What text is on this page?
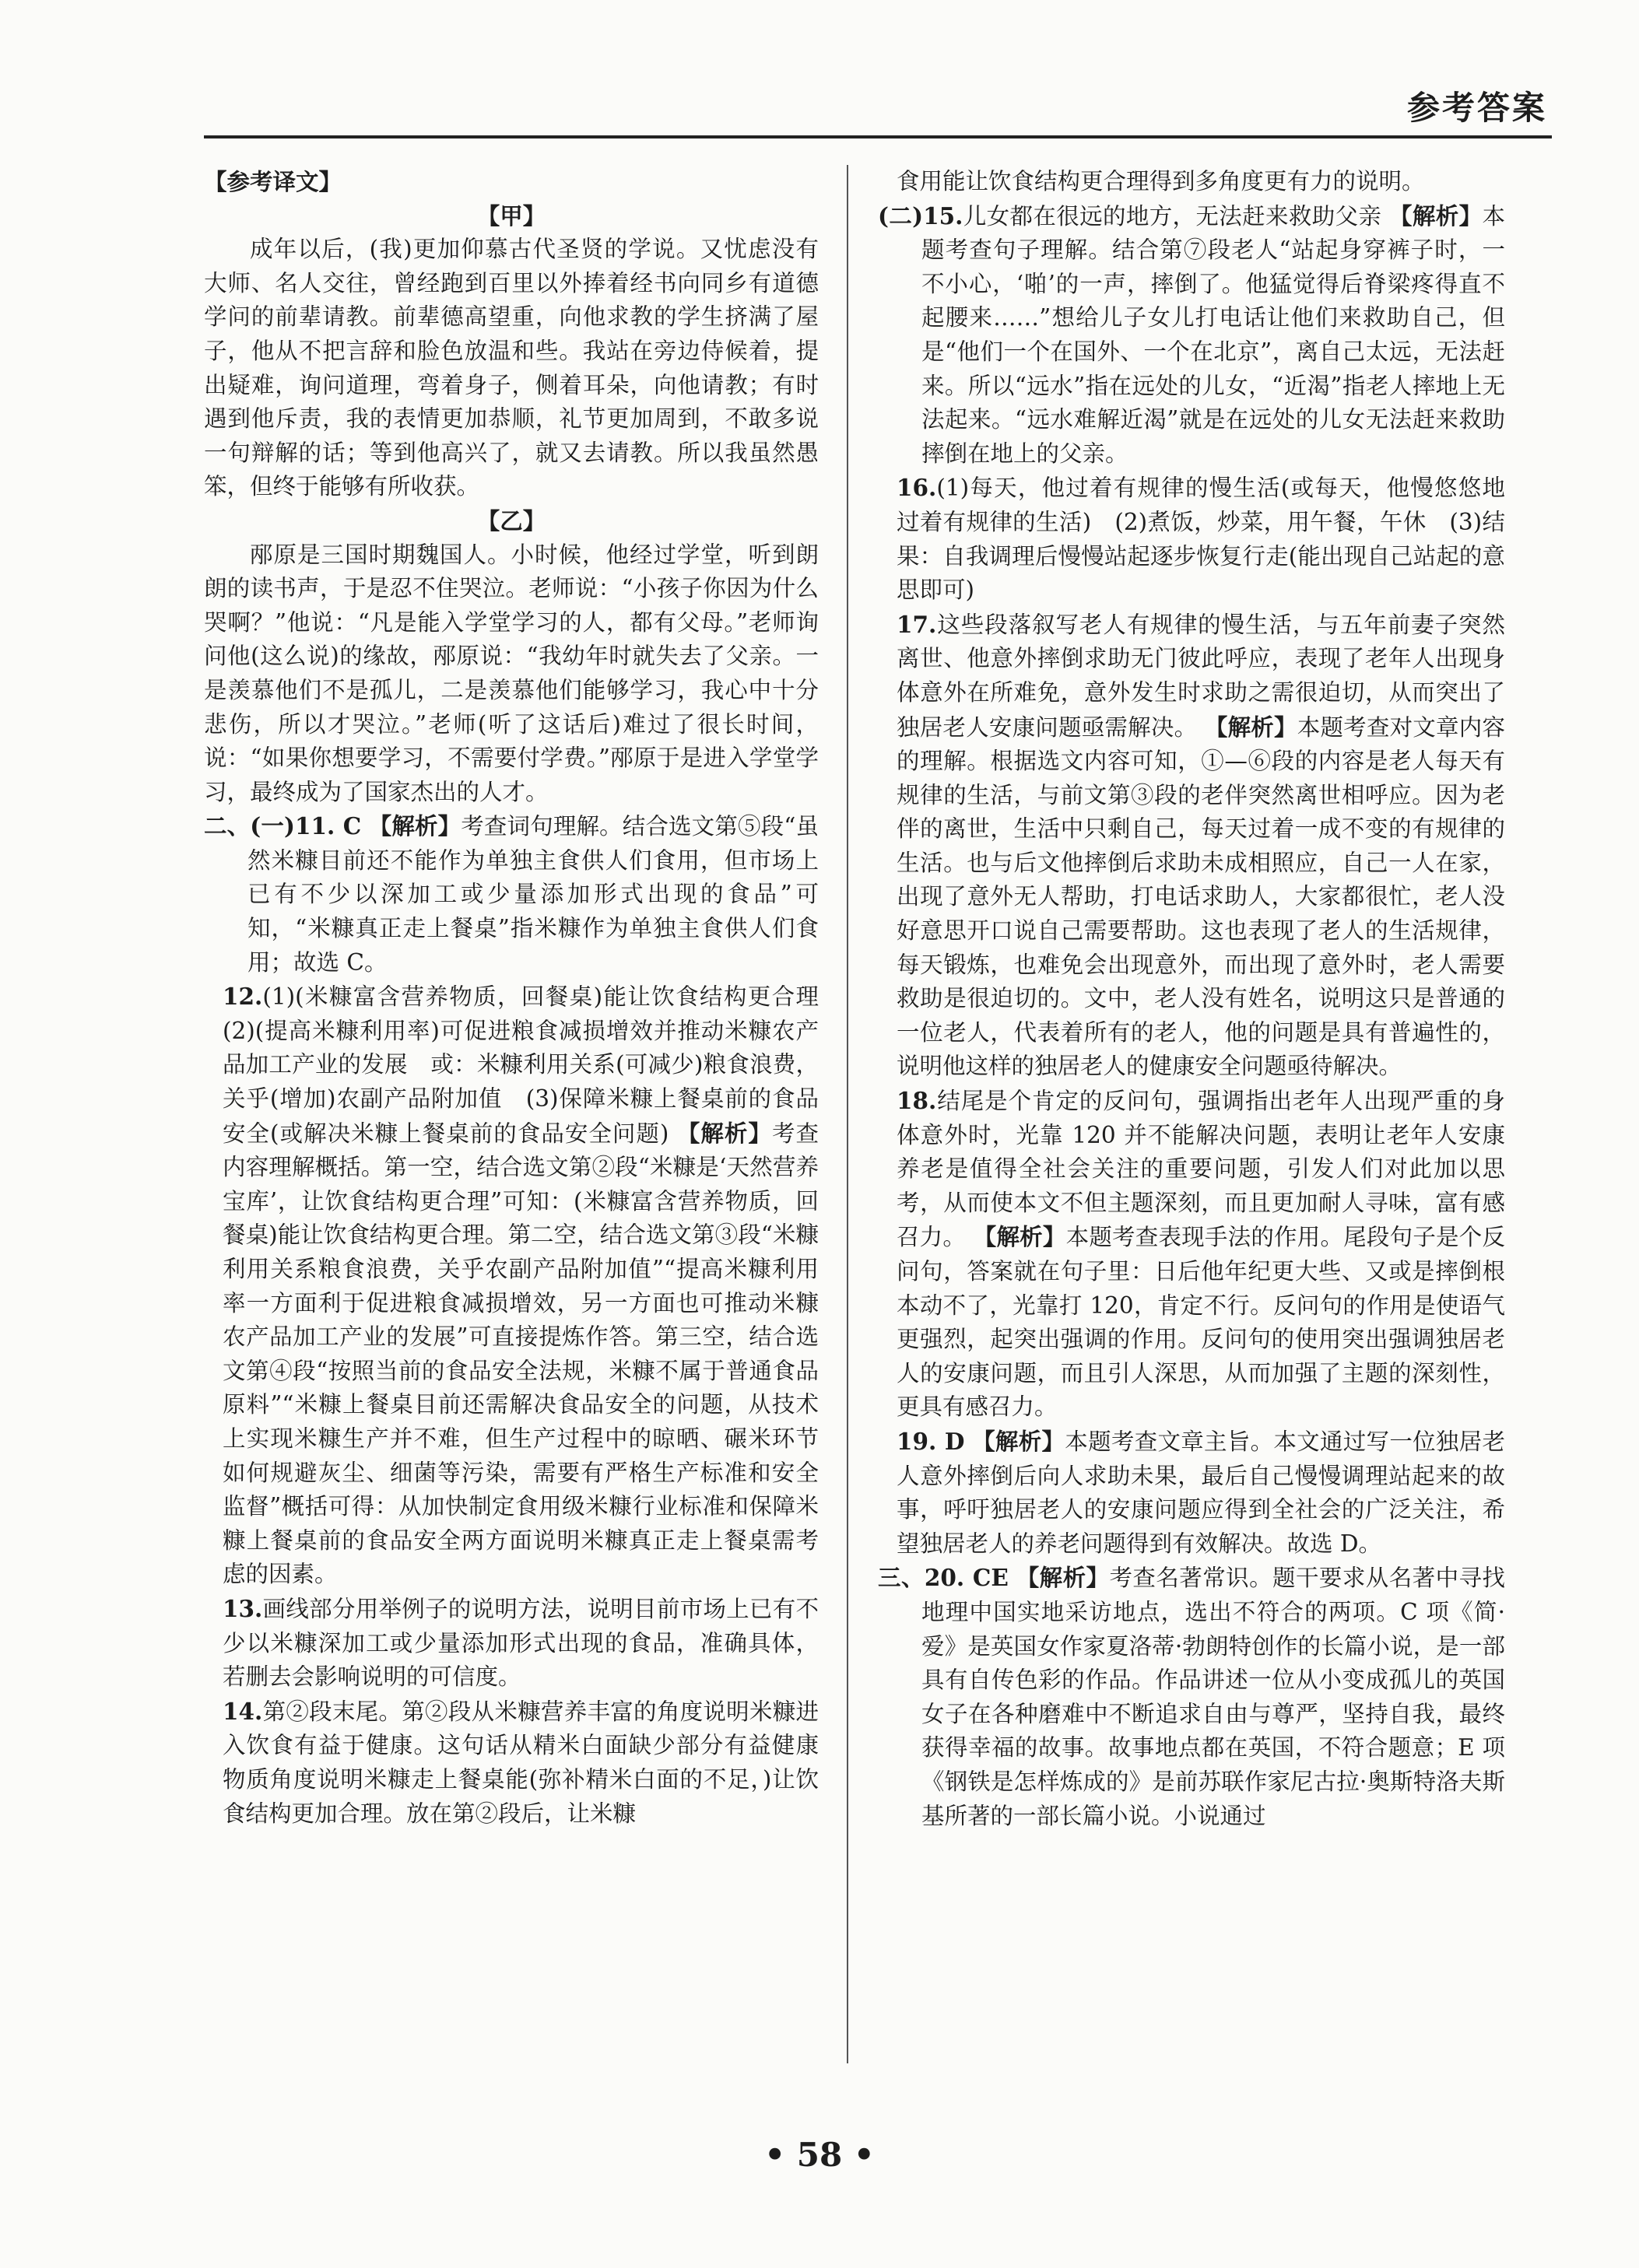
参考答案

【参考译文】

【甲】

成年以后，(我)更加仰慕古代圣贤的学说。又忧虑没有大师、名人交往，曾经跑到百里以外捧着经书向同乡有道德学问的前辈请教。前辈德高望重，向他求教的学生挤满了屋子，他从不把言辞和脸色放温和些。我站在旁边侍候着，提出疑难，询问道理，弯着身子，侧着耳朵，向他请教；有时遇到他斥责，我的表情更加恭顺，礼节更加周到，不敢多说一句辩解的话；等到他高兴了，就又去请教。所以我虽然愚笨，但终于能够有所收获。

【乙】

邴原是三国时期魏国人。小时候，他经过学堂，听到朗朗的读书声，于是忍不住哭泣。老师说：“小孩子你因为什么哭啊？”他说：“凡是能入学堂学习的人，都有父母。”老师询问他(这么说)的缘故，邴原说：“我幼年时就失去了父亲。一是羡慕他们不是孤儿，二是羡慕他们能够学习，我心中十分悲伤，所以才哭泣。”老师(听了这话后)难过了很长时间，说：“如果你想要学习，不需要付学费。”邴原于是进入学堂学习，最终成为了国家杰出的人才。

二、(一)11. C 【解析】考查词句理解。结合选文第⑤段“虽然米糠目前还不能作为单独主食供人们食用，但市场上已有不少以深加工或少量添加形式出现的食品”可知，“米糠真正走上餐桌”指米糠作为单独主食供人们食用；故选 C。

12.(1)(米糠富含营养物质，回餐桌)能让饮食结构更合理　(2)(提高米糠利用率)可促进粮食减损增效并推动米糠农产品加工产业的发展　或：米糠利用关系(可减少)粮食浪费，关乎(增加)农副产品附加值　(3)保障米糠上餐桌前的食品安全(或解决米糠上餐桌前的食品安全问题) 【解析】考查内容理解概括。第一空，结合选文第②段“米糠是‘天然营养宝库’，让饮食结构更合理”可知：(米糠富含营养物质，回餐桌)能让饮食结构更合理。第二空，结合选文第③段“米糠利用关系粮食浪费，关乎农副产品附加值”“提高米糠利用率一方面利于促进粮食减损增效，另一方面也可推动米糠农产品加工产业的发展”可直接提炼作答。第三空，结合选文第④段“按照当前的食品安全法规，米糠不属于普通食品原料”“米糠上餐桌目前还需解决食品安全的问题，从技术上实现米糠生产并不难，但生产过程中的晾晒、碾米环节如何规避灰尘、细菌等污染，需要有严格生产标准和安全监督”概括可得：从加快制定食用级米糠行业标准和保障米糠上餐桌前的食品安全两方面说明米糠真正走上餐桌需考虑的因素。

13.画线部分用举例子的说明方法，说明目前市场上已有不少以米糠深加工或少量添加形式出现的食品，准确具体，若删去会影响说明的可信度。

14.第②段末尾。第②段从米糠营养丰富的角度说明米糠进入饮食有益于健康。这句话从精米白面缺少部分有益健康物质角度说明米糠走上餐桌能(弥补精米白面的不足，)让饮食结构更加合理。放在第②段后，让米糠

食用能让饮食结构更合理得到多角度更有力的说明。

(二)15.儿女都在很远的地方，无法赶来救助父亲 【解析】本题考查句子理解。结合第⑦段老人“站起身穿裤子时，一不小心，‘啪’的一声，摔倒了。他猛觉得后脊梁疼得直不起腰来……”想给儿子女儿打电话让他们来救助自己，但是“他们一个在国外、一个在北京”，离自己太远，无法赶来。所以“远水”指在远处的儿女，“近渴”指老人摔地上无法起来。“远水难解近渴”就是在远处的儿女无法赶来救助摔倒在地上的父亲。

16.(1)每天，他过着有规律的慢生活(或每天，他慢悠悠地过着有规律的生活)　(2)煮饭，炒菜，用午餐，午休　(3)结果：自我调理后慢慢站起逐步恢复行走(能出现自己站起的意思即可)

17.这些段落叙写老人有规律的慢生活，与五年前妻子突然离世、他意外摔倒求助无门彼此呼应，表现了老年人出现身体意外在所难免，意外发生时求助之需很迫切，从而突出了独居老人安康问题亟需解决。 【解析】本题考查对文章内容的理解。根据选文内容可知，①—⑥段的内容是老人每天有规律的生活，与前文第③段的老伴突然离世相呼应。因为老伴的离世，生活中只剩自己，每天过着一成不变的有规律的生活。也与后文他摔倒后求助未成相照应，自己一人在家，出现了意外无人帮助，打电话求助人，大家都很忙，老人没好意思开口说自己需要帮助。这也表现了老人的生活规律，每天锻炼，也难免会出现意外，而出现了意外时，老人需要救助是很迫切的。文中，老人没有姓名，说明这只是普通的一位老人，代表着所有的老人，他的问题是具有普遍性的，说明他这样的独居老人的健康安全问题亟待解决。

18.结尾是个肯定的反问句，强调指出老年人出现严重的身体意外时，光靠 120 并不能解决问题，表明让老年人安康养老是值得全社会关注的重要问题，引发人们对此加以思考，从而使本文不但主题深刻，而且更加耐人寻味，富有感召力。 【解析】本题考查表现手法的作用。尾段句子是个反问句，答案就在句子里：日后他年纪更大些、又或是摔倒根本动不了，光靠打 120，肯定不行。反问句的作用是使语气更强烈，起突出强调的作用。反问句的使用突出强调独居老人的安康问题，而且引人深思，从而加强了主题的深刻性，更具有感召力。

19. D 【解析】本题考查文章主旨。本文通过写一位独居老人意外摔倒后向人求助未果，最后自己慢慢调理站起来的故事，呼吁独居老人的安康问题应得到全社会的广泛关注，希望独居老人的养老问题得到有效解决。故选 D。

三、20. CE 【解析】考查名著常识。题干要求从名著中寻找地理中国实地采访地点，选出不符合的两项。C 项《简·爱》是英国女作家夏洛蒂·勃朗特创作的长篇小说，是一部具有自传色彩的作品。作品讲述一位从小变成孤儿的英国女子在各种磨难中不断追求自由与尊严，坚持自我，最终获得幸福的故事。故事地点都在英国，不符合题意；E 项《钢铁是怎样炼成的》是前苏联作家尼古拉·奥斯特洛夫斯基所著的一部长篇小说。小说通过

• 58 •
